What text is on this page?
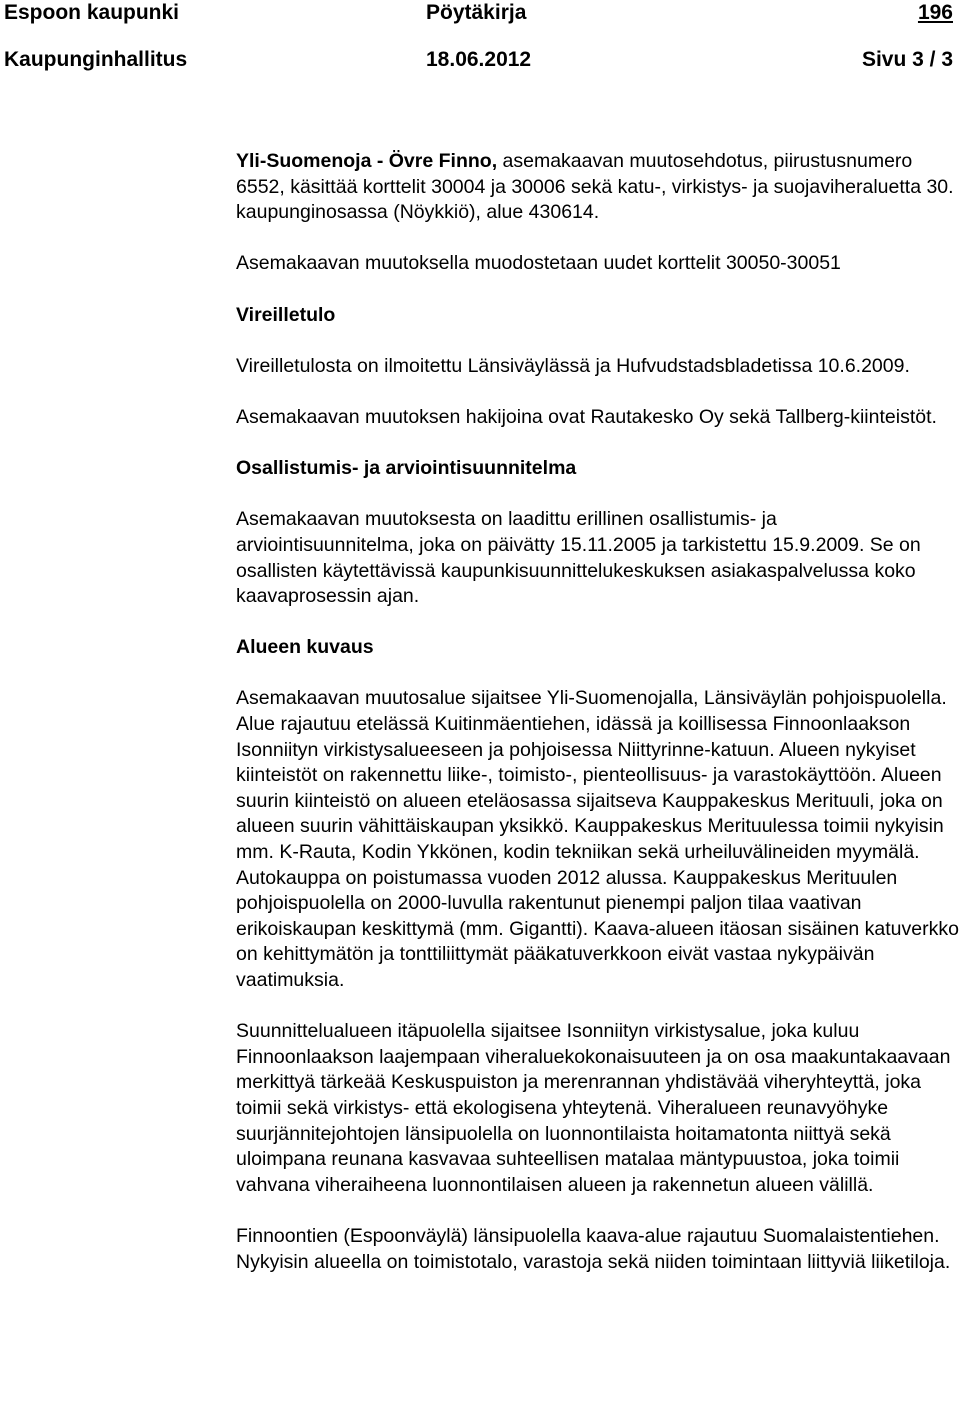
Espoon kaupunki	Pöytäkirja	196
Kaupunginhallitus	18.06.2012	Sivu 3 / 3

Yli-Suomenoja - Övre Finno, asemakaavan muutosehdotus, piirustusnumero 6552, käsittää korttelit 30004 ja 30006 sekä katu-, virkistys- ja suojaviheraluetta 30. kaupunginosassa (Nöykkiö), alue 430614.

Asemakaavan muutoksella muodostetaan uudet korttelit 30050-30051

Vireilletulo

Vireilletulosta on ilmoitettu Länsiväylässä ja Hufvudstadsbladetissa 10.6.2009.

Asemakaavan muutoksen hakijoina ovat Rautakesko Oy sekä Tallberg-kiinteistöt.

Osallistumis- ja arviointisuunnitelma

Asemakaavan muutoksesta on laadittu erillinen osallistumis- ja arviointisuunnitelma, joka on päivätty 15.11.2005 ja tarkistettu 15.9.2009. Se on osallisten käytettävissä kaupunkisuunnittelukeskuksen asiakaspalvelussa koko kaavaprosessin ajan.

Alueen kuvaus

Asemakaavan muutosalue sijaitsee Yli-Suomenojalla, Länsiväylän pohjoispuolella. Alue rajautuu etelässä Kuitinmäentiehen, idässä ja koillisessa Finnoonlaakson Isonniityn virkistysalueeseen ja pohjoisessa Niittyrinne-katuun. Alueen nykyiset kiinteistöt on rakennettu liike-, toimisto-, pienteollisuus- ja varastokäyttöön. Alueen suurin kiinteistö on alueen eteläosassa sijaitseva Kauppakeskus Merituuli, joka on alueen suurin vähittäiskaupan yksikkö. Kauppakeskus Merituulessa toimii nykyisin mm. K-Rauta, Kodin Ykkönen, kodin tekniikan sekä urheiluvälineiden myymälä. Autokauppa on poistumassa vuoden 2012 alussa. Kauppakeskus Merituulen pohjoispuolella on 2000-luvulla rakentunut pienempi paljon tilaa vaativan erikoiskaupan keskittymä (mm. Gigantti). Kaava-alueen itäosan sisäinen katuverkko on kehittymätön ja tonttiliittymät pääkatuverkkoon eivät vastaa nykypäivän vaatimuksia.

Suunnittelualueen itäpuolella sijaitsee Isonniityn virkistysalue, joka kuluu Finnoonlaakson laajempaan viheraluekokonaisuuteen ja on osa maakuntakaavaan merkittyä tärkeää Keskuspuiston ja merenrannan yhdistävää viheryhteyttä, joka toimii sekä virkistys- että ekologisena yhteytenä. Viheralueen reunavyöhyke suurjännitejohtojen länsipuolella on luonnontilaista hoitamatonta niittyä sekä uloimpana reunana kasvavaa suhteellisen matalaa mäntypuustoa, joka toimii vahvana viheraiheena luonnontilaisen alueen ja rakennetun alueen välillä.

Finnoontien (Espoonväylä) länsipuolella kaava-alue rajautuu Suomalaistentiehen. Nykyisin alueella on toimistotalo, varastoja sekä niiden toimintaan liittyviä liiketiloja.
